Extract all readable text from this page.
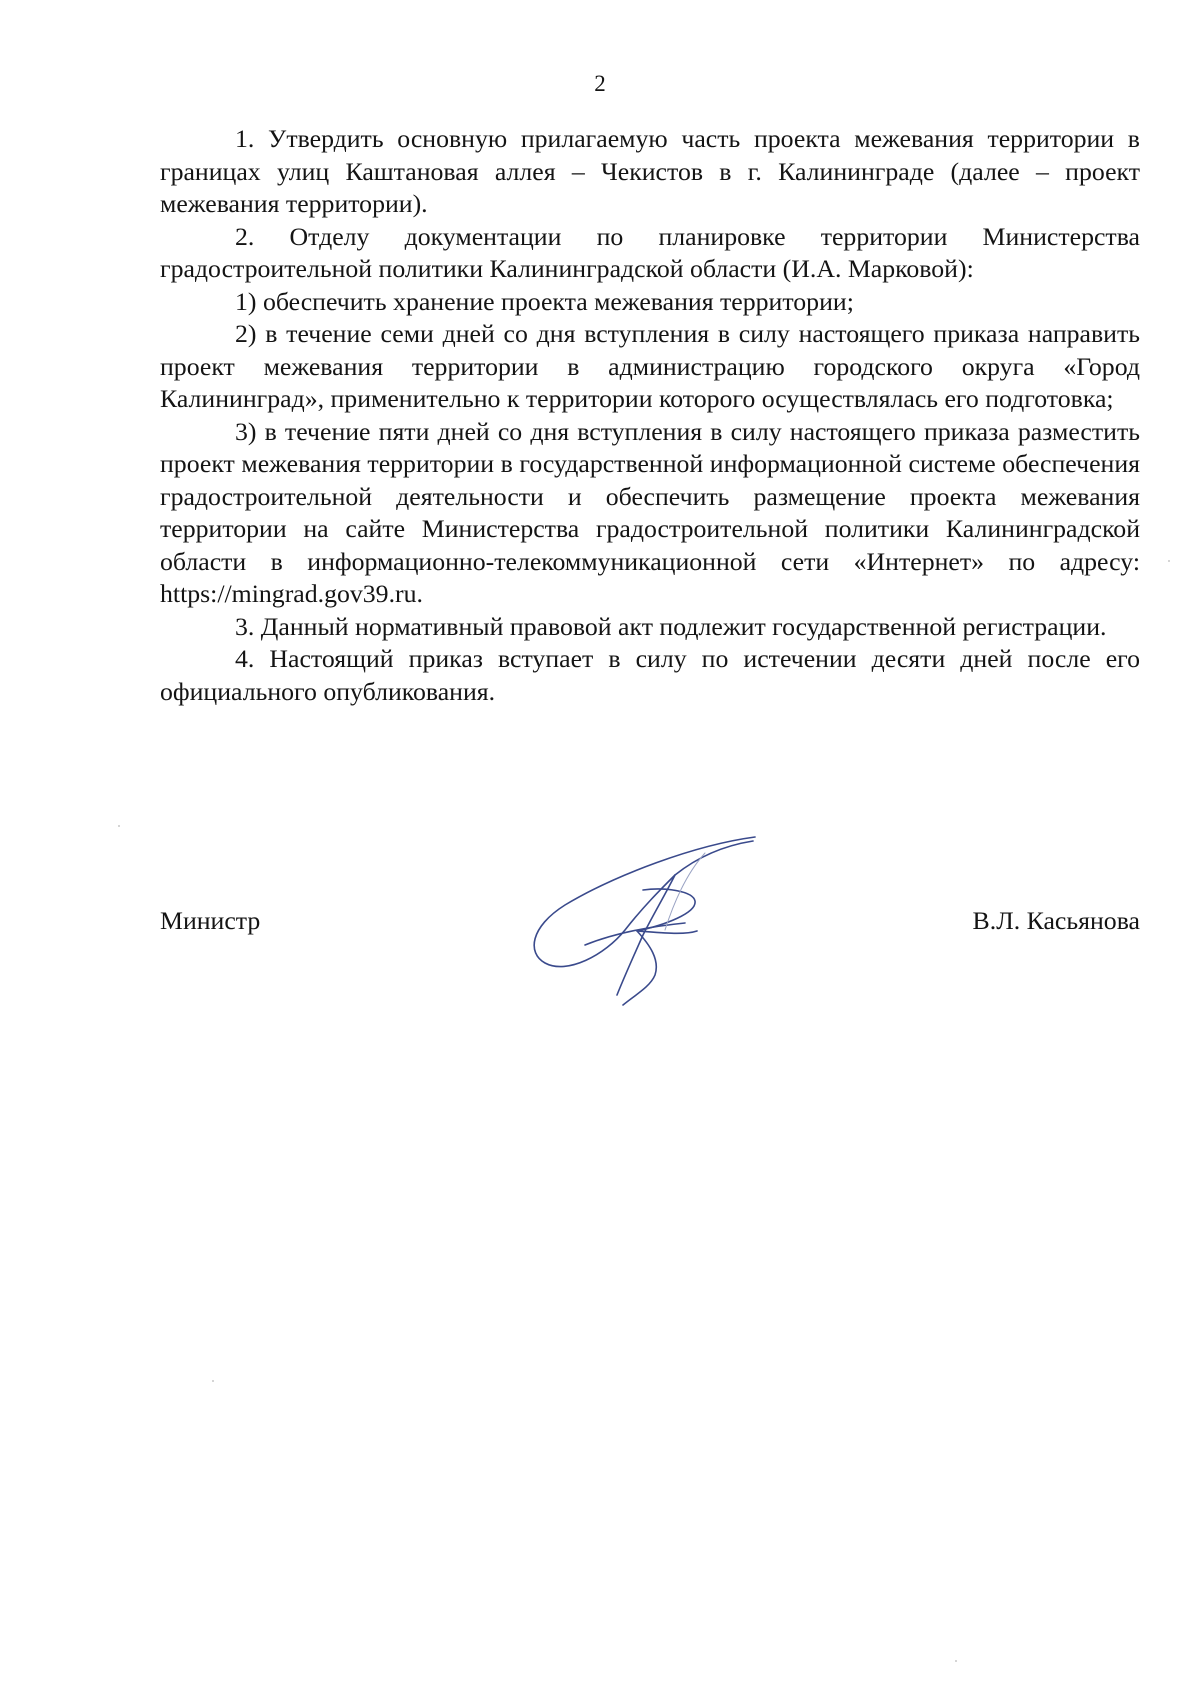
2

1. Утвердить основную прилагаемую часть проекта межевания территории в границах улиц Каштановая аллея – Чекистов в г. Калининграде (далее – проект межевания территории).

2. Отделу документации по планировке территории Министерства градостроительной политики Калининградской области (И.А. Марковой):

1) обеспечить хранение проекта межевания территории;

2) в течение семи дней со дня вступления в силу настоящего приказа направить проект межевания территории в администрацию городского округа «Город Калининград», применительно к территории которого осуществлялась его подготовка;

3) в течение пяти дней со дня вступления в силу настоящего приказа разместить проект межевания территории в государственной информационной системе обеспечения градостроительной деятельности и обеспечить размещение проекта межевания территории на сайте Министерства градостроительной политики Калининградской области в информационно-телекоммуникационной сети «Интернет» по адресу: https://mingrad.gov39.ru.

3. Данный нормативный правовой акт подлежит государственной регистрации.

4. Настоящий приказ вступает в силу по истечении десяти дней после его официального опубликования.

Министр	В.Л. Касьянова
